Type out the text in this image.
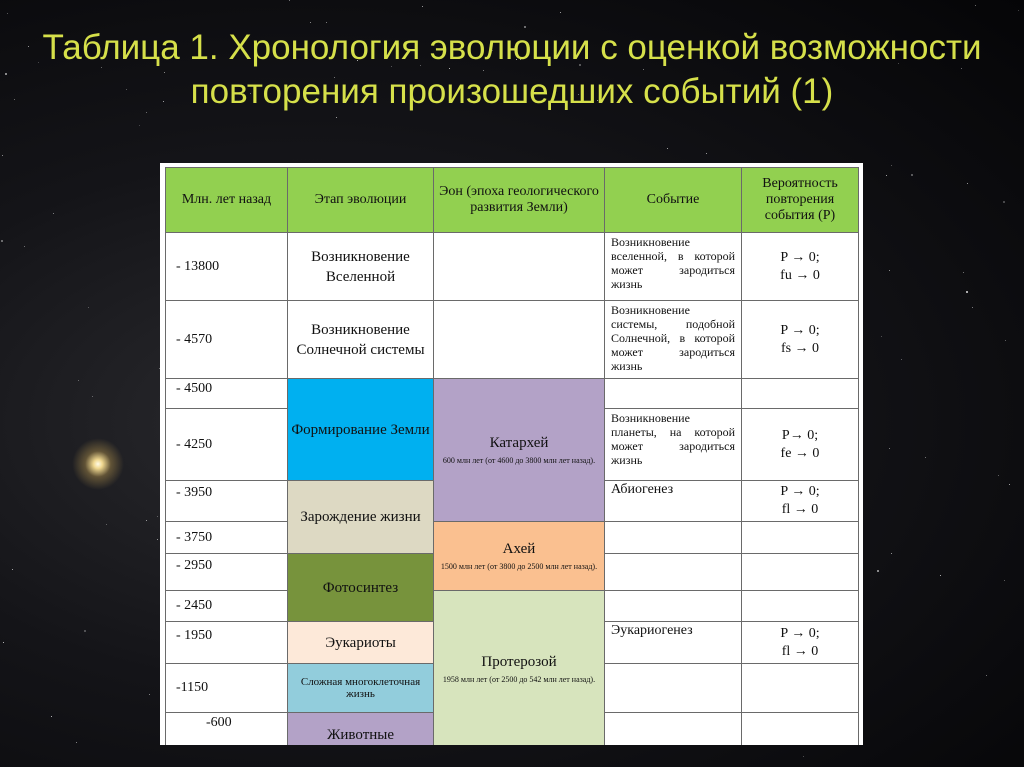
Таблица 1. Хронология эволюции с оценкой возможности повторения произошедших событий (1)
Млн. лет назад	Этап эволюции
Эон (эпоха геологического развития Земли)
Событие
Вероятность повторения события (Р)
- 13800
- 4570
- 4500
- 4250
- 3950
- 3750
- 2950
- 2450
- 1950
-1150
-600
Возникновение Вселенной
Возникновение Солнечной системы
Формирование Земли
Зарождение жизни
Фотосинтез
Эукариоты
Сложная многоклеточная жизнь
Животные
Катархей
600 млн лет (от 4600 до 3800 млн лет назад).
Ахей
1500 млн лет (от 3800 до 2500 млн лет назад).
Протерозой
1958 млн лет (от 2500 до 542 млн лет назад).
Возникновение вселенной, в которой может зародиться жизнь
Возникновение системы, подобной Солнечной, в которой может зародиться жизнь
Возникновение планеты, на которой может зародиться жизнь
Абиогенез
Эукариогенез
P → 0;
fu → 0
P → 0;
fs → 0
P→ 0;
fe → 0
P → 0;
fl → 0
P → 0;
fl → 0
